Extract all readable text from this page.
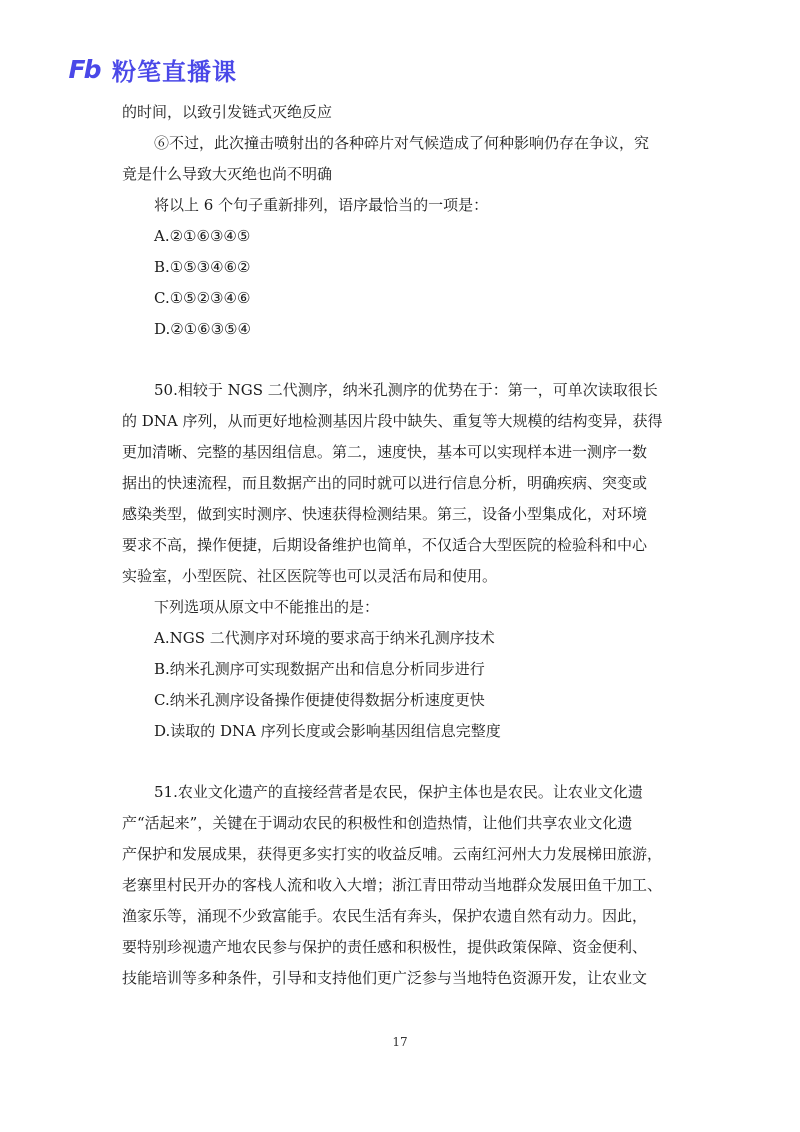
Fb 粉笔直播课
的时间，以致引发链式灭绝反应
⑥不过，此次撞击喷射出的各种碎片对气候造成了何种影响仍存在争议，究
竟是什么导致大灭绝也尚不明确
将以上 6 个句子重新排列，语序最恰当的一项是：
A.②①⑥③④⑤
B.①⑤③④⑥②
C.①⑤②③④⑥
D.②①⑥③⑤④
50.相较于 NGS 二代测序，纳米孔测序的优势在于：第一，可单次读取很长
的 DNA 序列，从而更好地检测基因片段中缺失、重复等大规模的结构变异，获得
更加清晰、完整的基因组信息。第二，速度快，基本可以实现样本进一测序一数
据出的快速流程，而且数据产出的同时就可以进行信息分析，明确疾病、突变或
感染类型，做到实时测序、快速获得检测结果。第三，设备小型集成化，对环境
要求不高，操作便捷，后期设备维护也简单，不仅适合大型医院的检验科和中心
实验室，小型医院、社区医院等也可以灵活布局和使用。
下列选项从原文中不能推出的是：
A.NGS 二代测序对环境的要求高于纳米孔测序技术
B.纳米孔测序可实现数据产出和信息分析同步进行
C.纳米孔测序设备操作便捷使得数据分析速度更快
D.读取的 DNA 序列长度或会影响基因组信息完整度
51.农业文化遗产的直接经营者是农民，保护主体也是农民。让农业文化遗
产“活起来”，关键在于调动农民的积极性和创造热情，让他们共享农业文化遗
产保护和发展成果，获得更多实打实的收益反哺。云南红河州大力发展梯田旅游，
老寨里村民开办的客栈人流和收入大增；浙江青田带动当地群众发展田鱼干加工、
渔家乐等，涌现不少致富能手。农民生活有奔头，保护农遗自然有动力。因此，
要特别珍视遗产地农民参与保护的责任感和积极性，提供政策保障、资金便利、
技能培训等多种条件，引导和支持他们更广泛参与当地特色资源开发，让农业文
17
